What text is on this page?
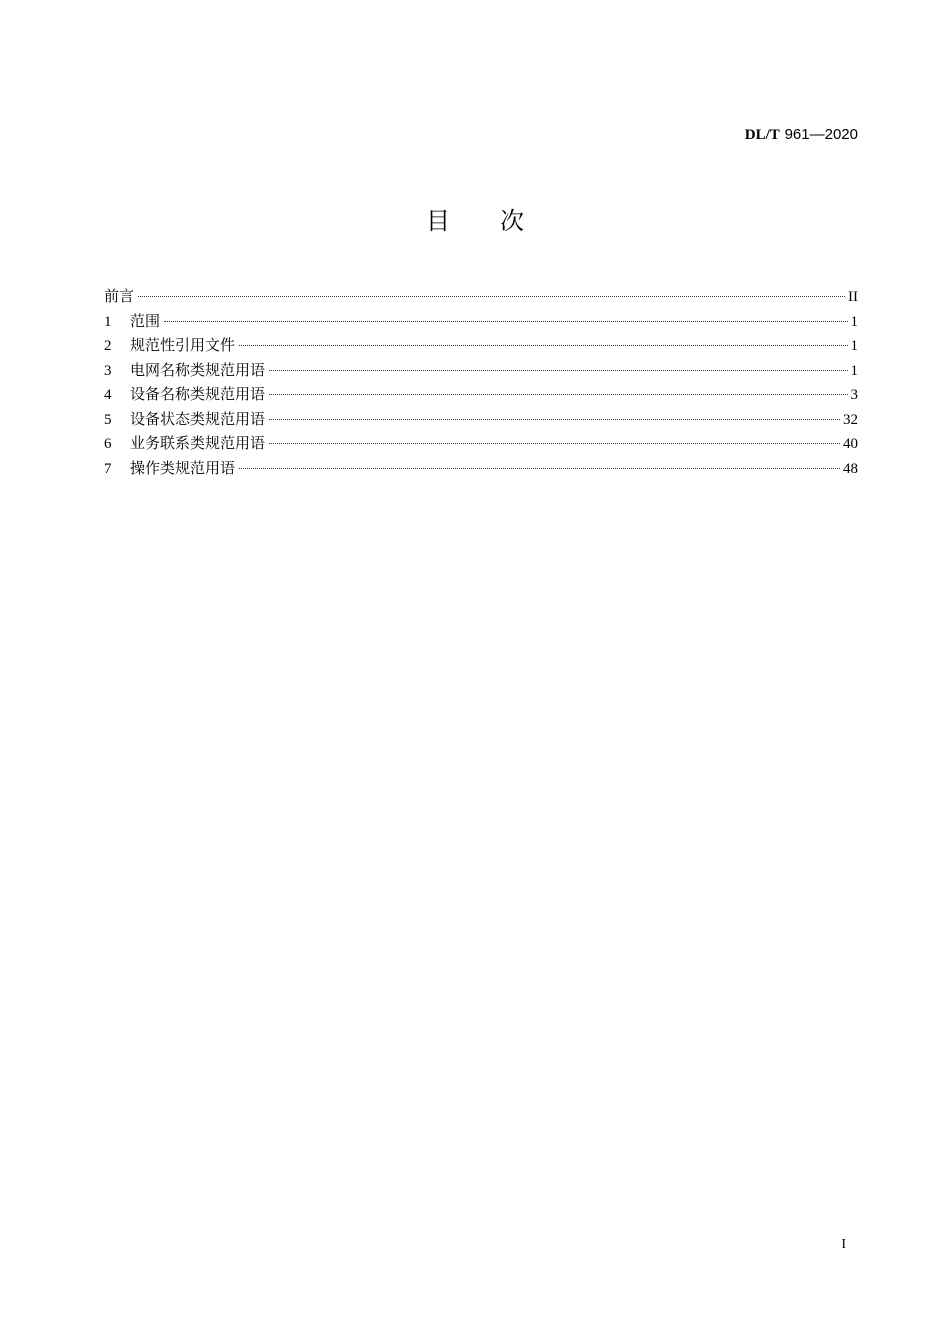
DL/T 961—2020
目次
前言	II
1	范围	1
2	规范性引用文件	1
3	电网名称类规范用语	1
4	设备名称类规范用语	3
5	设备状态类规范用语	32
6	业务联系类规范用语	40
7	操作类规范用语	48
I
